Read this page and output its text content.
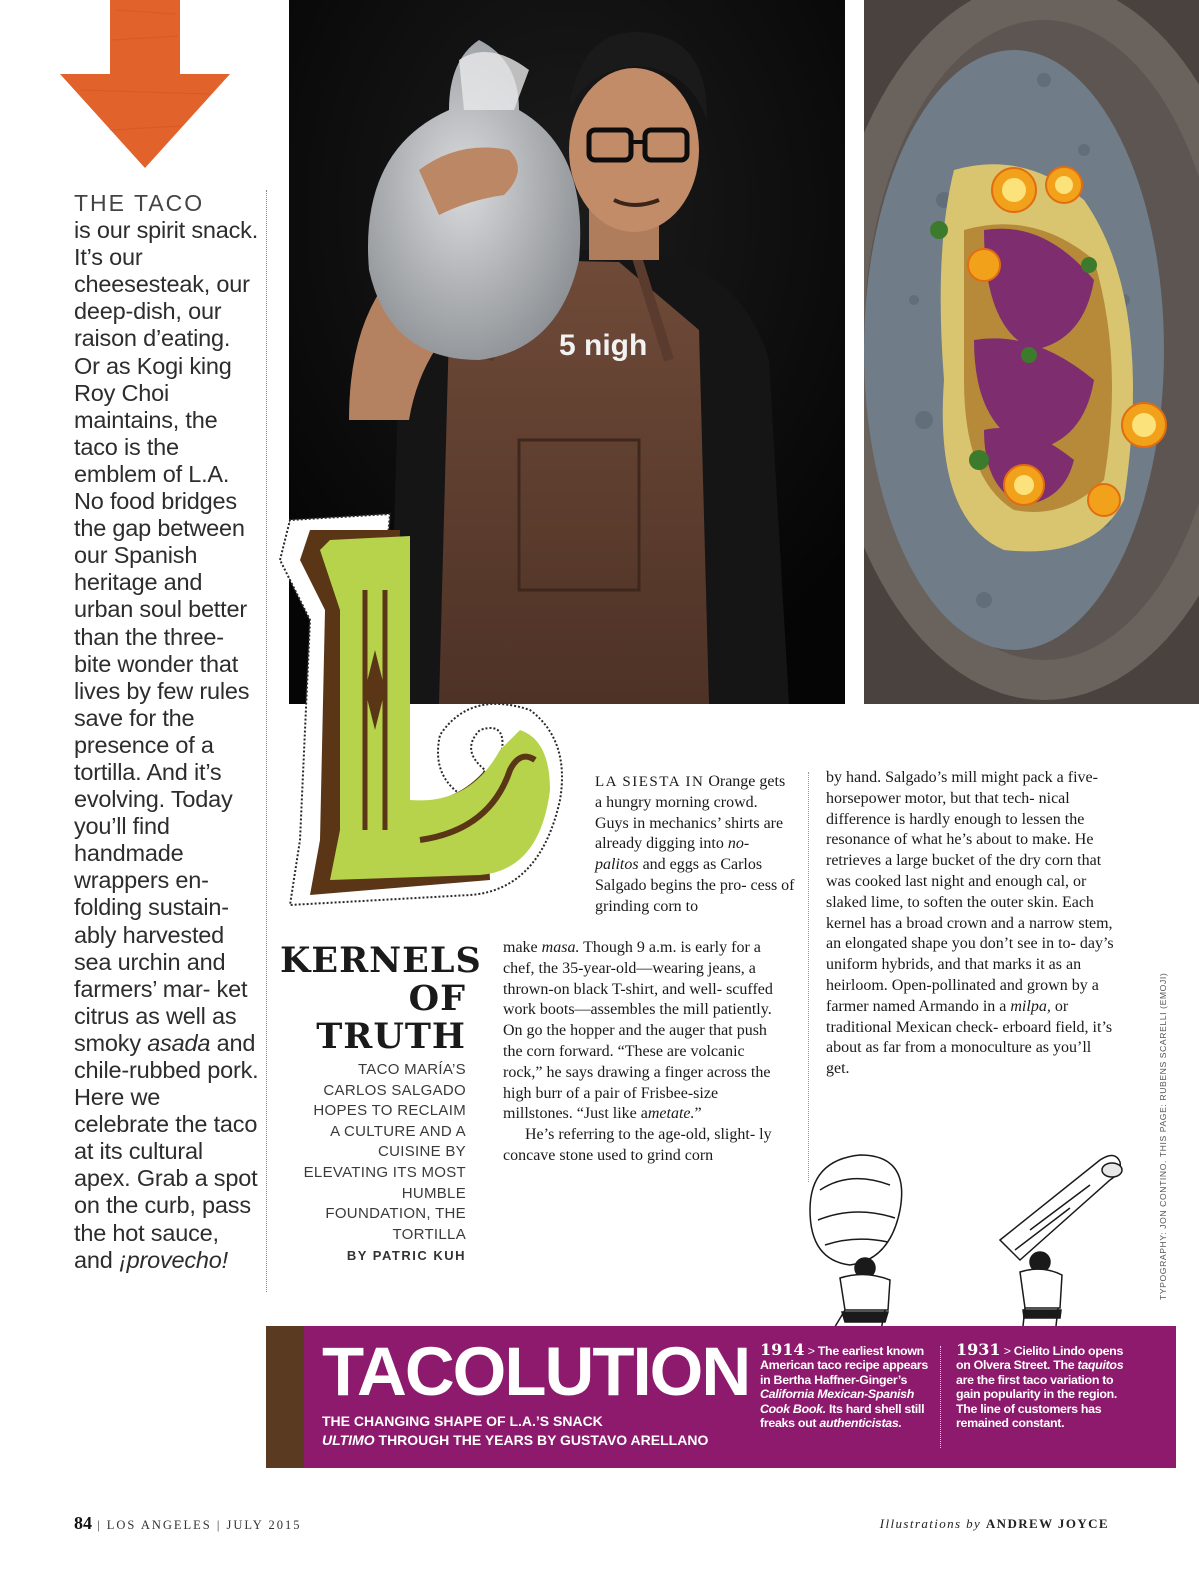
THE TACO
is our spirit snack. It’s our cheesesteak, our deep-dish, our raison d’eating. Or as Kogi king Roy Choi maintains, the taco is the emblem of L.A. No food bridges the gap between our Spanish heritage and urban soul better than the three-bite wonder that lives by few rules save for the presence of a tortilla. And it’s evolving. Today you’ll find handmade wrappers en- folding sustain- ably harvested sea urchin and farmers’ mar- ket citrus as well as smoky asada and chile-rubbed pork. Here we celebrate the taco at its cultural apex. Grab a spot on the curb, pass the hot sauce, and ¡provecho!
5 nigh
L
KERNELS
OF
TRUTH
TACO MARÍA’S CARLOS SALGADO HOPES TO RECLAIM A CULTURE AND A CUISINE BY ELEVATING ITS MOST HUMBLE FOUNDATION, THE TORTILLA
BY PATRIC KUH
LA SIESTA IN Orange gets a hungry morning crowd. Guys in mechanics’ shirts are already digging into no- palitos and eggs as Carlos Salgado begins the pro- cess of grinding corn to

make masa. Though 9 a.m. is early for a chef, the 35-year-old—wearing jeans, a thrown-on black T-shirt, and well- scuffed work boots—assembles the mill patiently. On go the hopper and the auger that push the corn forward. “These are volcanic rock,” he says drawing a finger across the high burr of a pair of Frisbee-size millstones. “Just like ametate.”

He’s referring to the age-old, slight- ly concave stone used to grind corn

by hand. Salgado’s mill might pack a five-horsepower motor, but that tech- nical difference is hardly enough to lessen the resonance of what he’s about to make. He retrieves a large bucket of the dry corn that was cooked last night and enough cal, or slaked lime, to soften the outer skin. Each kernel has a broad crown and a narrow stem, an elongated shape you don’t see in to- day’s uniform hybrids, and that marks it as an heirloom. Open-pollinated and grown by a farmer named Armando in a milpa, or traditional Mexican check- erboard field, it’s about as far from a monoculture as you’ll get.	TYPOGRAPHY: JON CONTINO. THIS PAGE: RUBENS SCARELLI (EMOJI)
TACOLUTION
THE CHANGING SHAPE OF L.A.’S SNACK
ULTIMO THROUGH THE YEARS BY GUSTAVO ARELLANO
1914 > The earliest known American taco recipe appears in Bertha Haffner-Ginger’s California Mexican-Spanish Cook Book. Its hard shell still freaks out authenticistas.
1931 > Cielito Lindo opens on Olvera Street. The taquitos are the first taco variation to gain popularity in the region. The line of customers has remained constant.
84 | LOS ANGELES | JULY 2015	Illustrations by ANDREW JOYCE
